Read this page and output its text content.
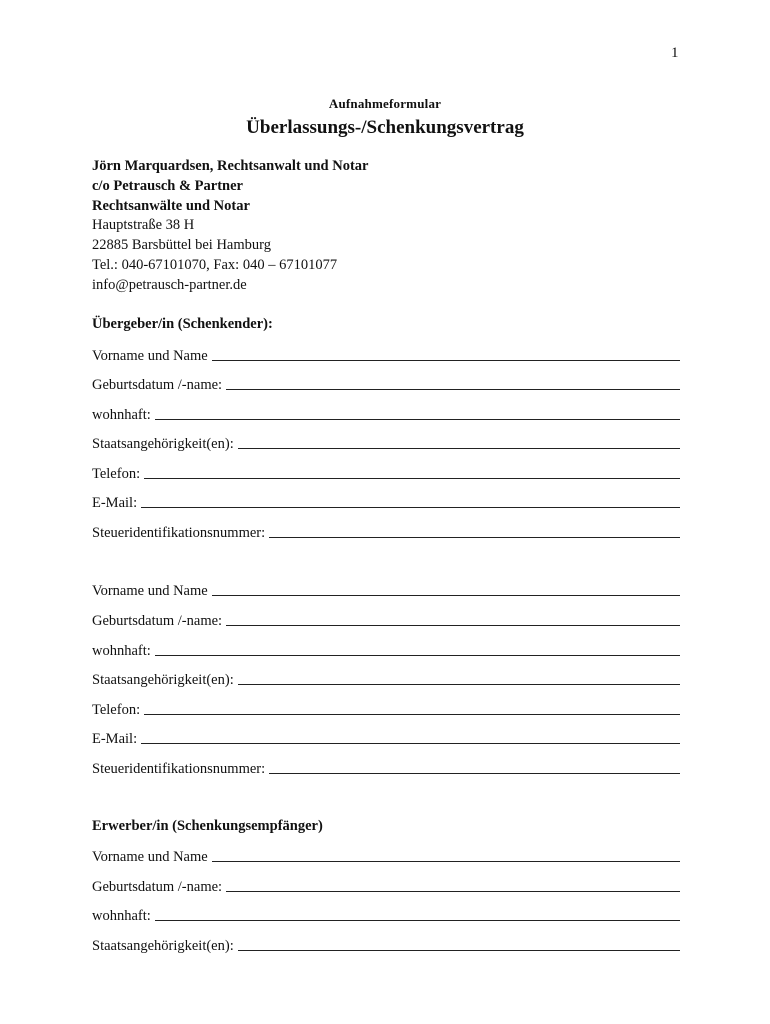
1
Aufnahmeformular
Überlassungs-/Schenkungsvertrag
Jörn Marquardsen, Rechtsanwalt und Notar
c/o Petrausch & Partner
Rechtsanwälte und Notar
Hauptstraße 38 H
22885 Barsbüttel bei Hamburg
Tel.: 040-67101070, Fax: 040 – 67101077
info@petrausch-partner.de
Übergeber/in (Schenkender):
Vorname und Name
Geburtsdatum /-name:
wohnhaft:
Staatsangehörigkeit(en):
Telefon:
E-Mail:
Steueridentifikationsnummer:
Vorname und Name
Geburtsdatum /-name:
wohnhaft:
Staatsangehörigkeit(en):
Telefon:
E-Mail:
Steueridentifikationsnummer:
Erwerber/in (Schenkungsempfänger)
Vorname und Name
Geburtsdatum /-name:
wohnhaft:
Staatsangehörigkeit(en):
